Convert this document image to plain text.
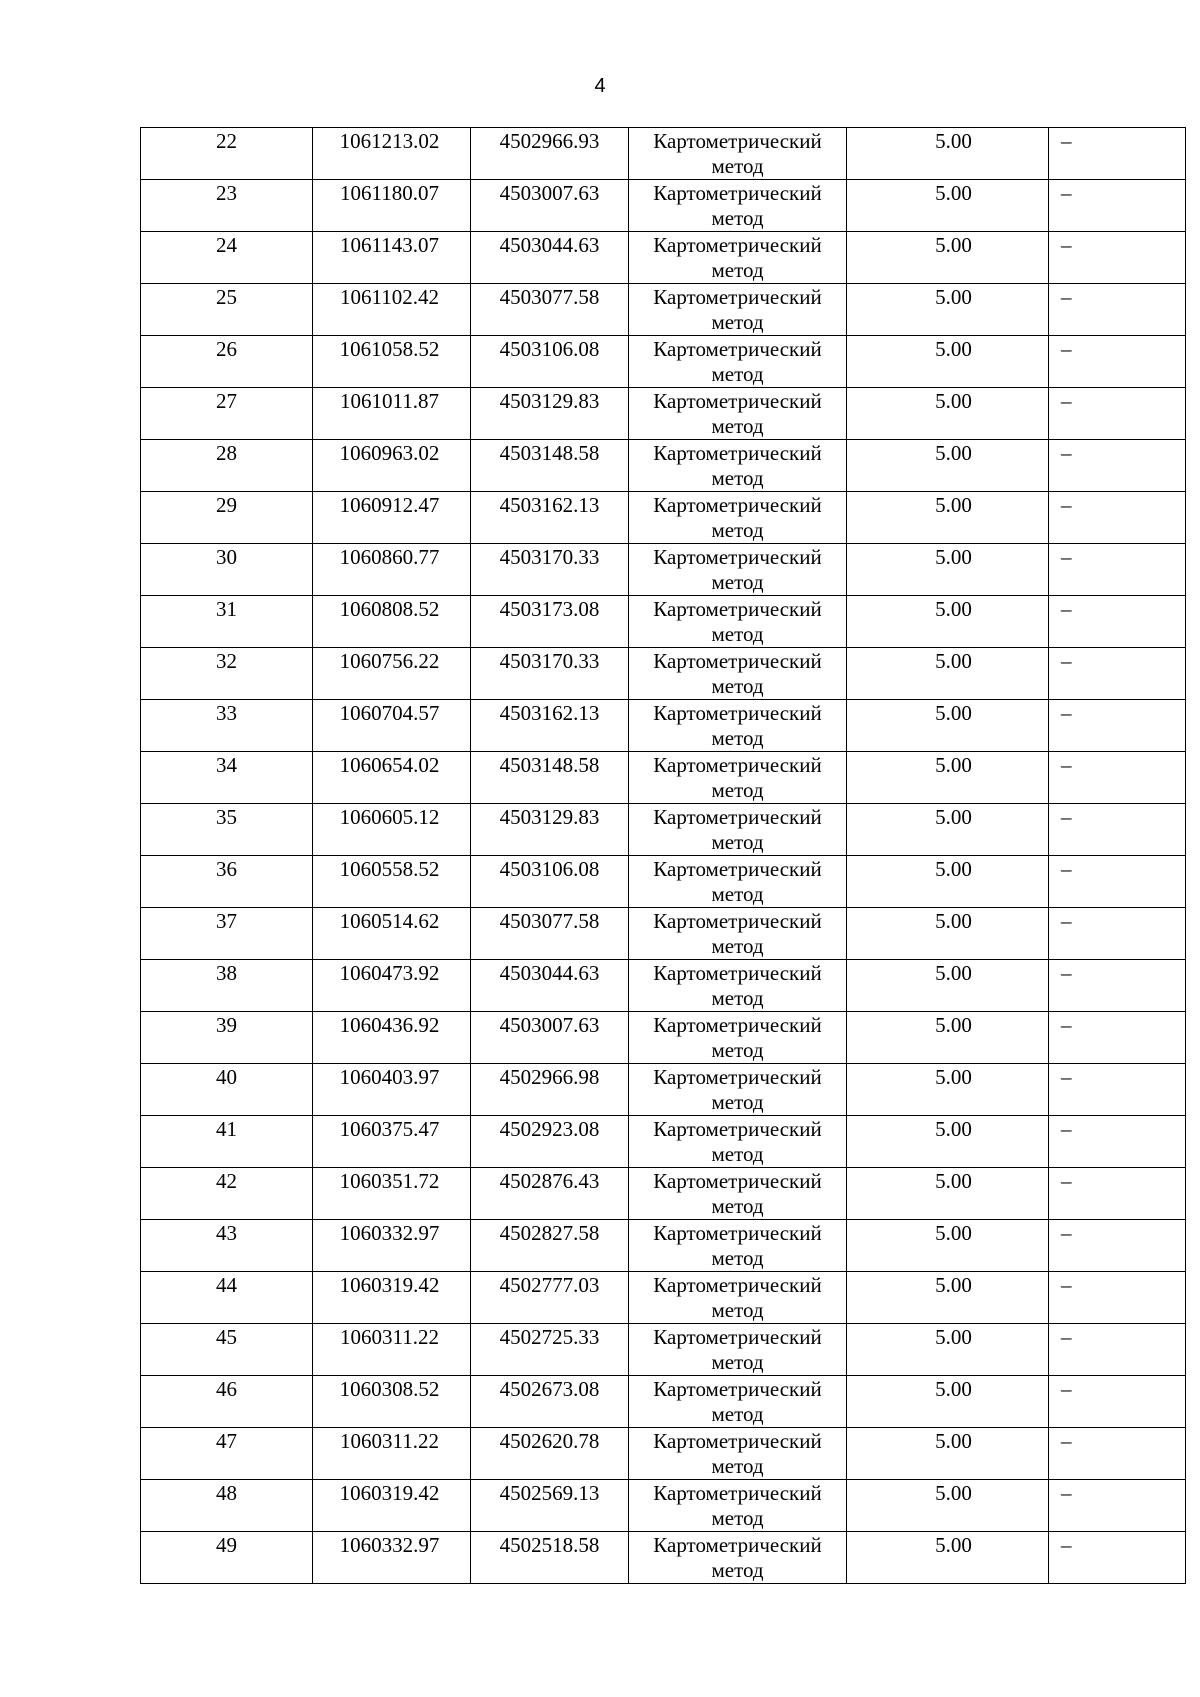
4
22	1061213.02	4502966.93	Картометрический
метод	5.00	–
23	1061180.07	4503007.63	Картометрический
метод	5.00	–
24	1061143.07	4503044.63	Картометрический
метод	5.00	–
25	1061102.42	4503077.58	Картометрический
метод	5.00	–
26	1061058.52	4503106.08	Картометрический
метод	5.00	–
27	1061011.87	4503129.83	Картометрический
метод	5.00	–
28	1060963.02	4503148.58	Картометрический
метод	5.00	–
29	1060912.47	4503162.13	Картометрический
метод	5.00	–
30	1060860.77	4503170.33	Картометрический
метод	5.00	–
31	1060808.52	4503173.08	Картометрический
метод	5.00	–
32	1060756.22	4503170.33	Картометрический
метод	5.00	–
33	1060704.57	4503162.13	Картометрический
метод	5.00	–
34	1060654.02	4503148.58	Картометрический
метод	5.00	–
35	1060605.12	4503129.83	Картометрический
метод	5.00	–
36	1060558.52	4503106.08	Картометрический
метод	5.00	–
37	1060514.62	4503077.58	Картометрический
метод	5.00	–
38	1060473.92	4503044.63	Картометрический
метод	5.00	–
39	1060436.92	4503007.63	Картометрический
метод	5.00	–
40	1060403.97	4502966.98	Картометрический
метод	5.00	–
41	1060375.47	4502923.08	Картометрический
метод	5.00	–
42	1060351.72	4502876.43	Картометрический
метод	5.00	–
43	1060332.97	4502827.58	Картометрический
метод	5.00	–
44	1060319.42	4502777.03	Картометрический
метод	5.00	–
45	1060311.22	4502725.33	Картометрический
метод	5.00	–
46	1060308.52	4502673.08	Картометрический
метод	5.00	–
47	1060311.22	4502620.78	Картометрический
метод	5.00	–
48	1060319.42	4502569.13	Картометрический
метод	5.00	–
49	1060332.97	4502518.58	Картометрический
метод	5.00	–
